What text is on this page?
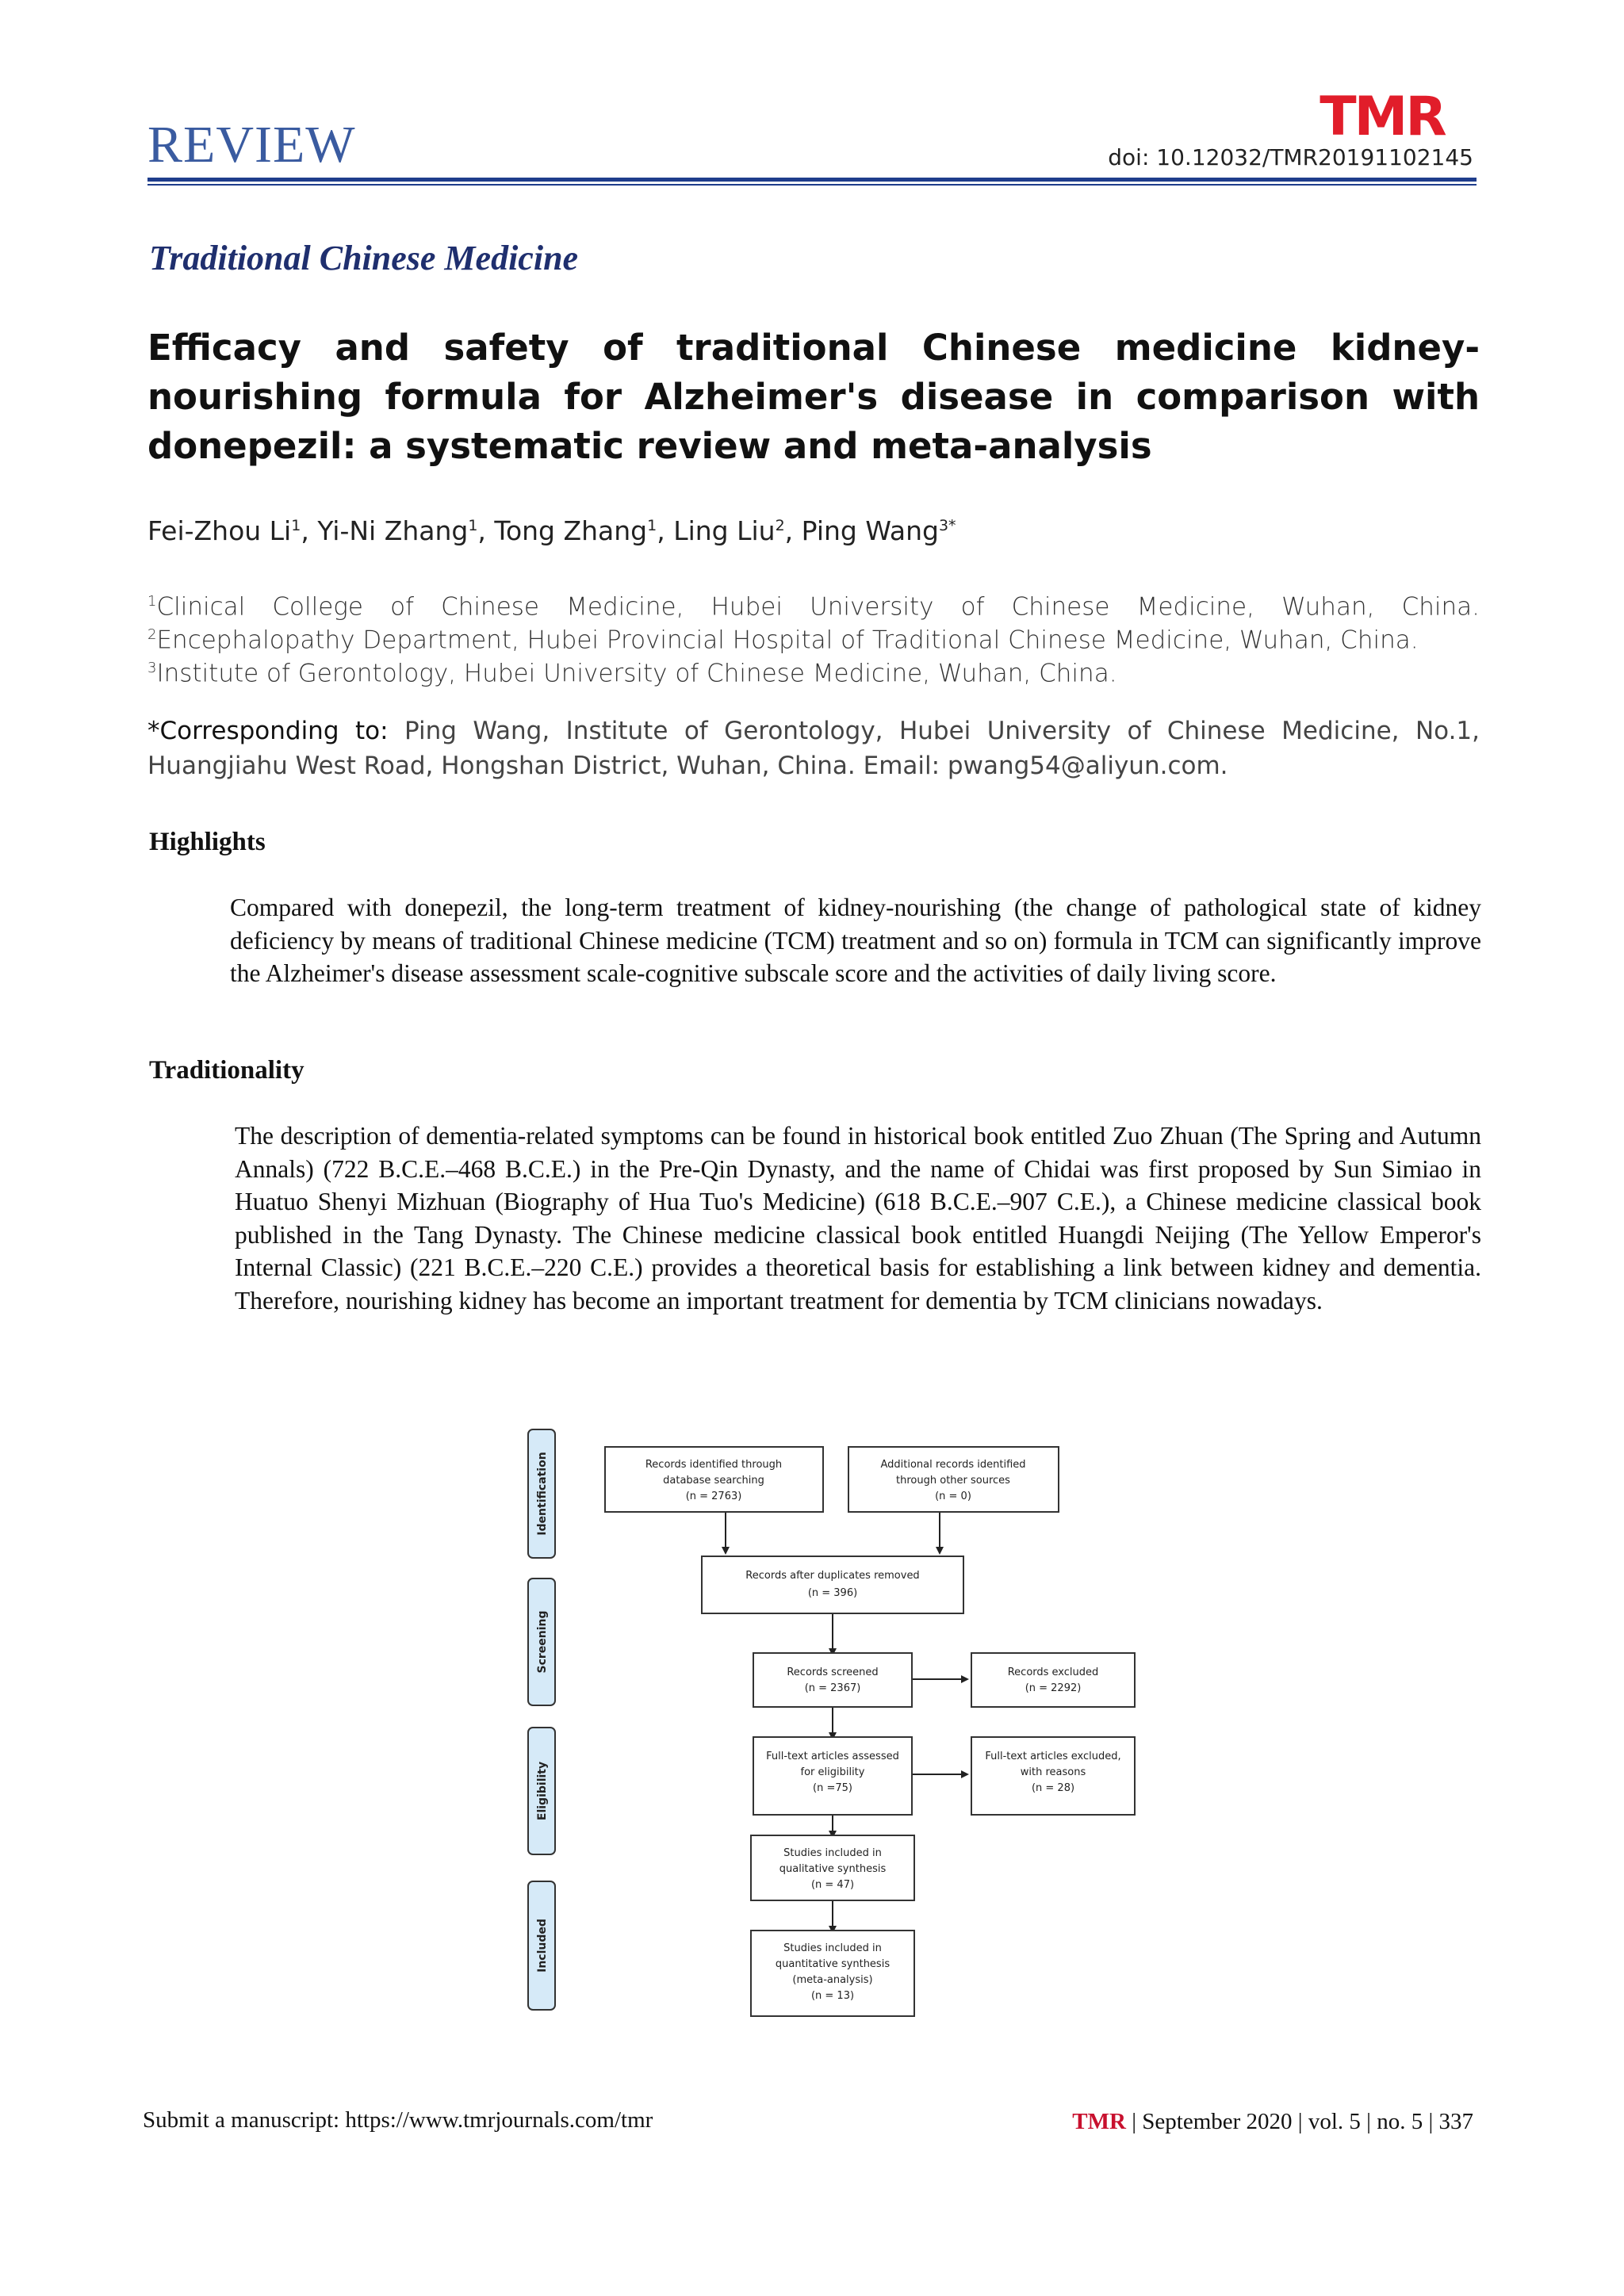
REVIEW	TMR
doi: 10.12032/TMR20191102145
Traditional Chinese Medicine
Efficacy and safety of traditional Chinese medicine kidney-nourishing formula for Alzheimer's disease in comparison with donepezil: a systematic review and meta-analysis
Fei-Zhou Li$^1$, Yi-Ni Zhang$^1$, Tong Zhang$^1$, Ling Liu$^2$, Ping Wang$^{3*}$
$^1$Clinical College of Chinese Medicine, Hubei University of Chinese Medicine, Wuhan, China.
$^2$Encephalopathy Department, Hubei Provincial Hospital of Traditional Chinese Medicine, Wuhan, China.
$^3$Institute of Gerontology, Hubei University of Chinese Medicine, Wuhan, China.
*Corresponding to: Ping Wang, Institute of Gerontology, Hubei University of Chinese Medicine, No.1, Huangjiahu West Road, Hongshan District, Wuhan, China. Email: pwang54@aliyun.com.
Highlights
Compared with donepezil, the long-term treatment of kidney-nourishing (the change of pathological state of kidney deficiency by means of traditional Chinese medicine (TCM) treatment and so on) formula in TCM can significantly improve the Alzheimer's disease assessment scale-cognitive subscale score and the activities of daily living score.
Traditionality
The description of dementia-related symptoms can be found in historical book entitled Zuo Zhuan (The Spring and Autumn Annals) (722 B.C.E.–468 B.C.E.) in the Pre-Qin Dynasty, and the name of Chidai was first proposed by Sun Simiao in Huatuo Shenyi Mizhuan (Biography of Hua Tuo's Medicine) (618 B.C.E.–907 C.E.), a Chinese medicine classical book published in the Tang Dynasty. The Chinese medicine classical book entitled Huangdi Neijing (The Yellow Emperor's Internal Classic) (221 B.C.E.–220 C.E.) provides a theoretical basis for establishing a link between kidney and dementia. Therefore, nourishing kidney has become an important treatment for dementia by TCM clinicians nowadays.
Identification
Screening
Eligibility
Included
Records identified through
database searching
(n = 2763)
Additional records identified
through other sources
(n = 0)
Records after duplicates removed
(n = 396)
Records screened
(n = 2367)
Records excluded
(n = 2292)
Full-text articles assessed
for eligibility
(n =75)
Full-text articles excluded,
with reasons
(n = 28)
Studies included in
qualitative synthesis
(n = 47)
Studies included in
quantitative synthesis
(meta-analysis)
(n = 13)
Submit a manuscript: https://www.tmrjournals.com/tmr	TMR | September 2020 | vol. 5 | no. 5 | 337
